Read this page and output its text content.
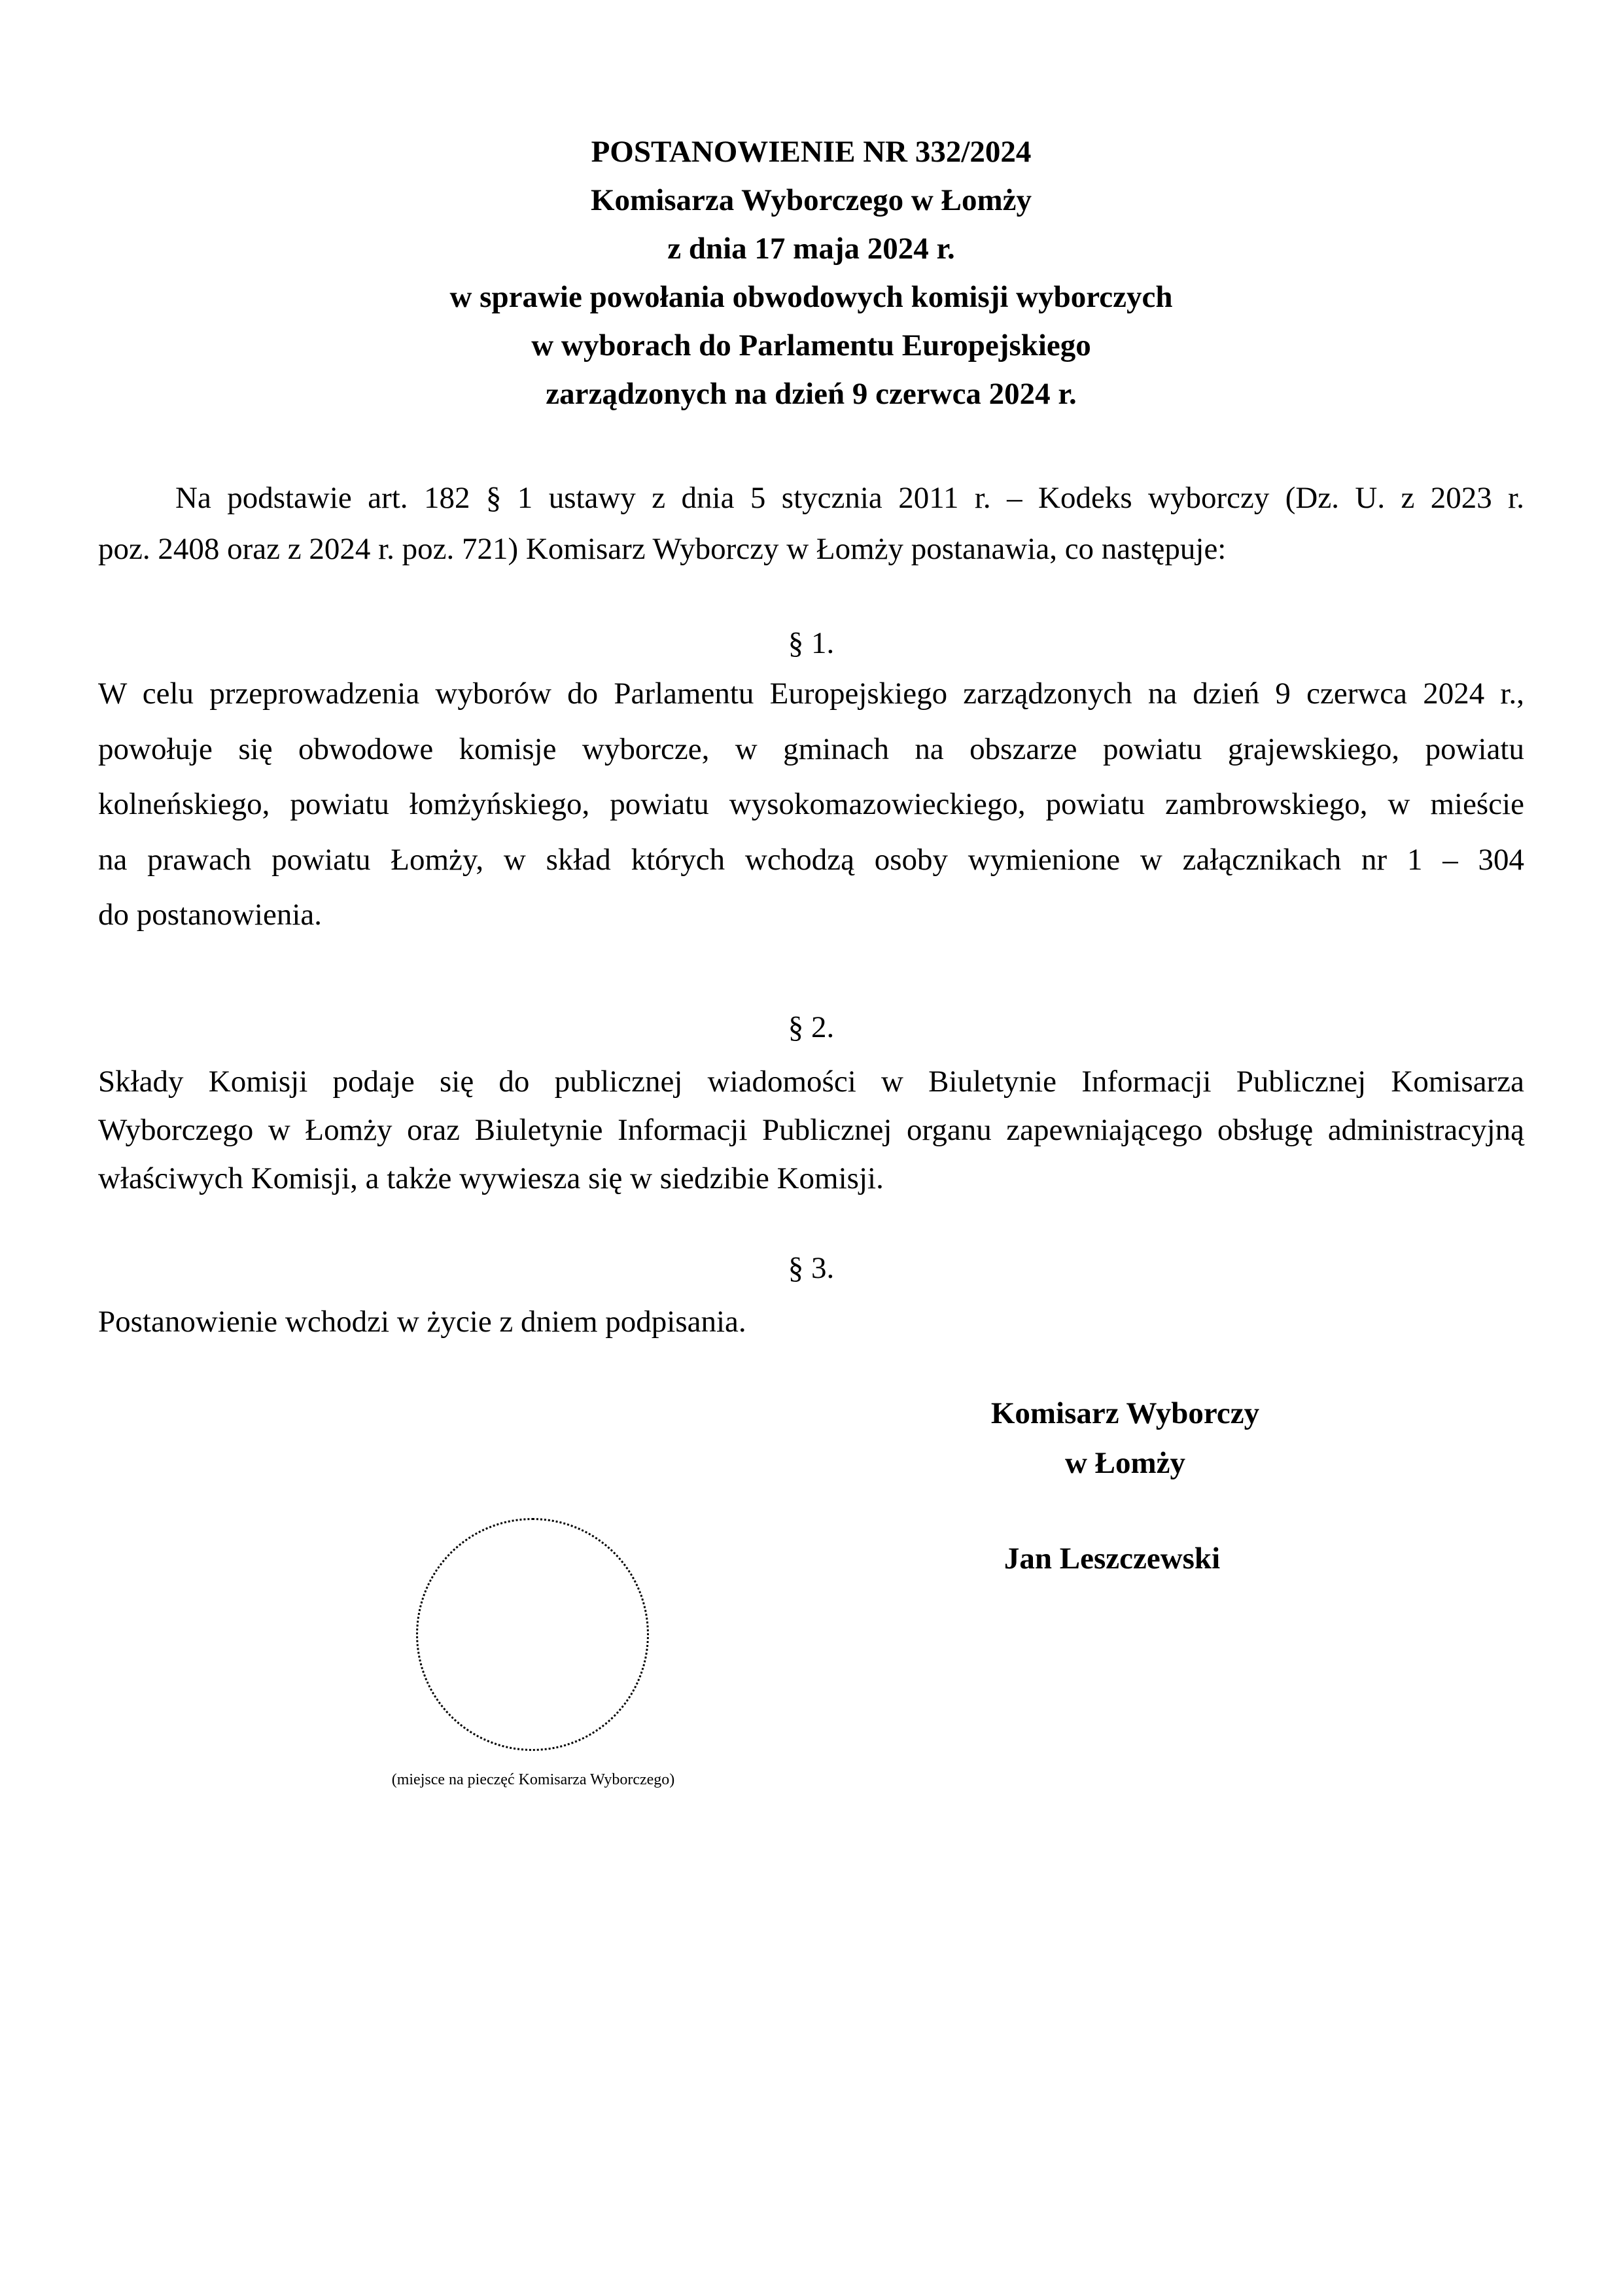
POSTANOWIENIE NR 332/2024
Komisarza Wyborczego w Łomży
z dnia 17 maja 2024 r.
w sprawie powołania obwodowych komisji wyborczych
w wyborach do Parlamentu Europejskiego
zarządzonych na dzień 9 czerwca 2024 r.
Na podstawie art. 182 § 1 ustawy z dnia 5 stycznia 2011 r. – Kodeks wyborczy (Dz. U. z 2023 r.
poz. 2408 oraz z 2024 r. poz. 721) Komisarz Wyborczy w Łomży postanawia, co następuje:
§ 1.
W celu przeprowadzenia wyborów do Parlamentu Europejskiego zarządzonych na dzień 9 czerwca 2024 r.,
powołuje się obwodowe komisje wyborcze, w gminach na obszarze powiatu grajewskiego, powiatu
kolneńskiego, powiatu łomżyńskiego, powiatu wysokomazowieckiego, powiatu zambrowskiego, w mieście
na prawach powiatu Łomży, w skład których wchodzą osoby wymienione w załącznikach nr 1 – 304
do postanowienia.
§ 2.
Składy Komisji podaje się do publicznej wiadomości w Biuletynie Informacji Publicznej Komisarza
Wyborczego w Łomży oraz Biuletynie Informacji Publicznej organu zapewniającego obsługę administracyjną
właściwych Komisji, a także wywiesza się w siedzibie Komisji.
§ 3.
Postanowienie wchodzi w życie z dniem podpisania.
Komisarz Wyborczy
w Łomży
Jan Leszczewski
(miejsce na pieczęć Komisarza Wyborczego)
